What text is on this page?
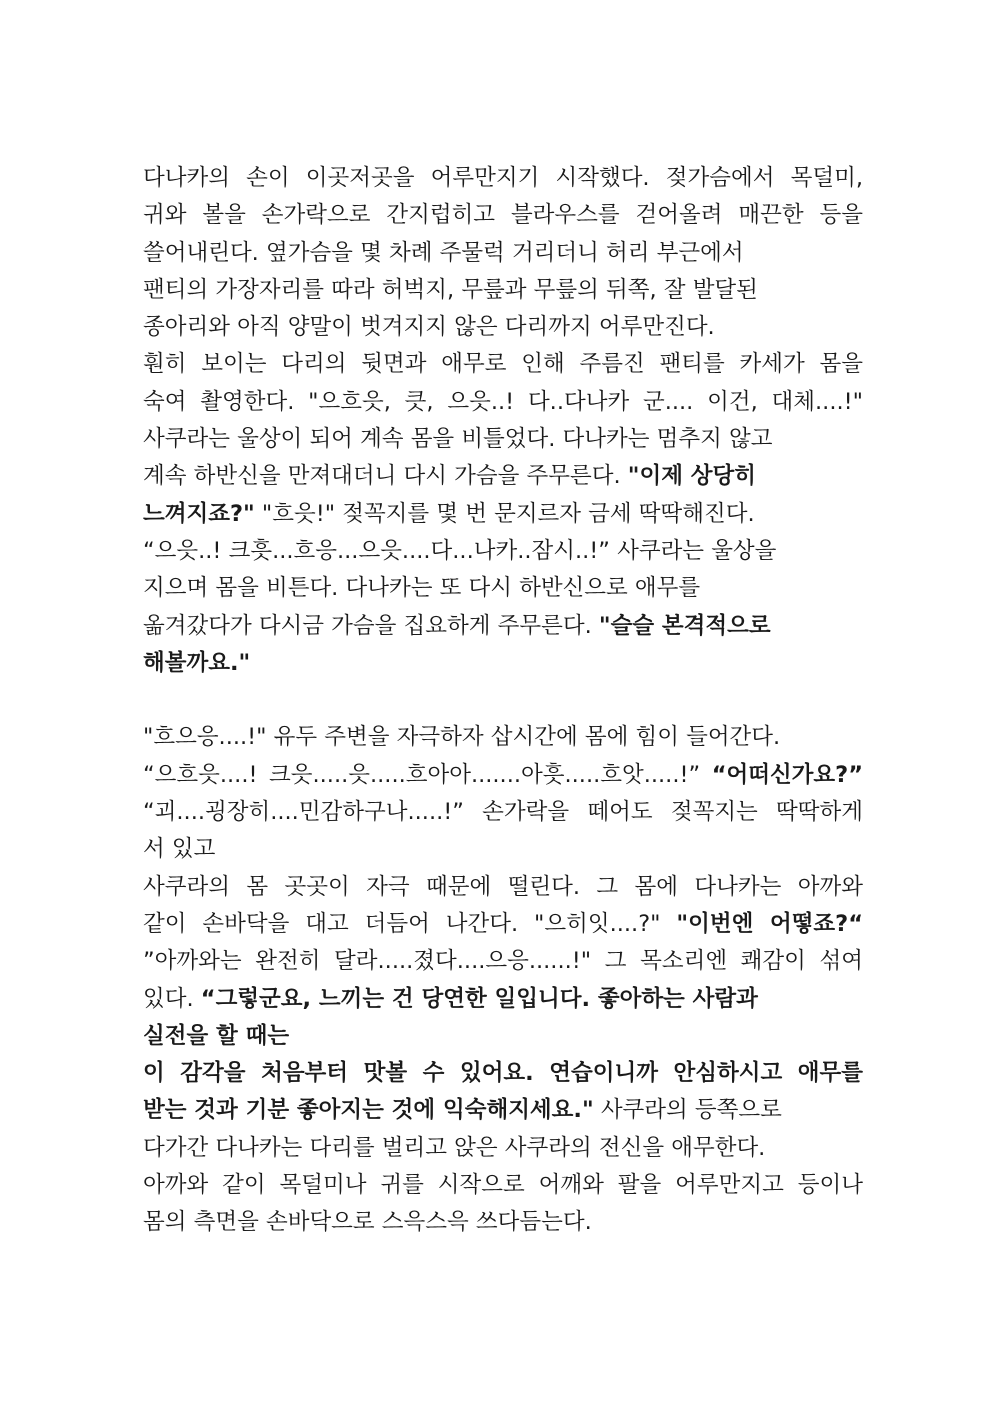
다나카의 손이 이곳저곳을 어루만지기 시작했다. 젖가슴에서 목덜미,
귀와 볼을 손가락으로 간지럽히고 블라우스를 걷어올려 매끈한 등을
쓸어내린다. 옆가슴을 몇 차례 주물럭 거리더니 허리 부근에서
팬티의 가장자리를 따라 허벅지, 무릎과 무릎의 뒤쪽, 잘 발달된
종아리와 아직 양말이 벗겨지지 않은 다리까지 어루만진다.
훤히 보이는 다리의 뒷면과 애무로 인해 주름진 팬티를 카세가 몸을
숙여 촬영한다. "으흐읏, 큿, 으읏..! 다..다나카 군.... 이건, 대체....!"
사쿠라는 울상이 되어 계속 몸을 비틀었다. 다나카는 멈추지 않고
계속 하반신을 만져대더니 다시 가슴을 주무른다. "이제 상당히
느껴지죠?" "흐읏!" 젖꼭지를 몇 번 문지르자 금세 딱딱해진다.
“으읏..! 크흣...흐응...으읏....다...나카..잠시..!” 사쿠라는 울상을
지으며 몸을 비튼다. 다나카는 또 다시 하반신으로 애무를
옮겨갔다가 다시금 가슴을 집요하게 주무른다. "슬슬 본격적으로
해볼까요."
"흐으응....!" 유두 주변을 자극하자 삽시간에 몸에 힘이 들어간다.
“으흐읏....! 크읏.....읏.....흐아아.......아흣.....흐앗.....!” “어떠신가요?”
“괴....굉장히....민감하구나.....!” 손가락을 떼어도 젖꼭지는 딱딱하게
서 있고
사쿠라의 몸 곳곳이 자극 때문에 떨린다. 그 몸에 다나카는 아까와
같이 손바닥을 대고 더듬어 나간다. "으히잇....?" "이번엔 어떻죠?“
”아까와는 완전히 달라.....졌다....으응......!" 그 목소리엔 쾌감이 섞여
있다. “그렇군요, 느끼는 건 당연한 일입니다. 좋아하는 사람과
실전을 할 때는
이 감각을 처음부터 맛볼 수 있어요. 연습이니까 안심하시고 애무를
받는 것과 기분 좋아지는 것에 익숙해지세요." 사쿠라의 등쪽으로
다가간 다나카는 다리를 벌리고 앉은 사쿠라의 전신을 애무한다.
아까와 같이 목덜미나 귀를 시작으로 어깨와 팔을 어루만지고 등이나
몸의 측면을 손바닥으로 스윽스윽 쓰다듬는다.
